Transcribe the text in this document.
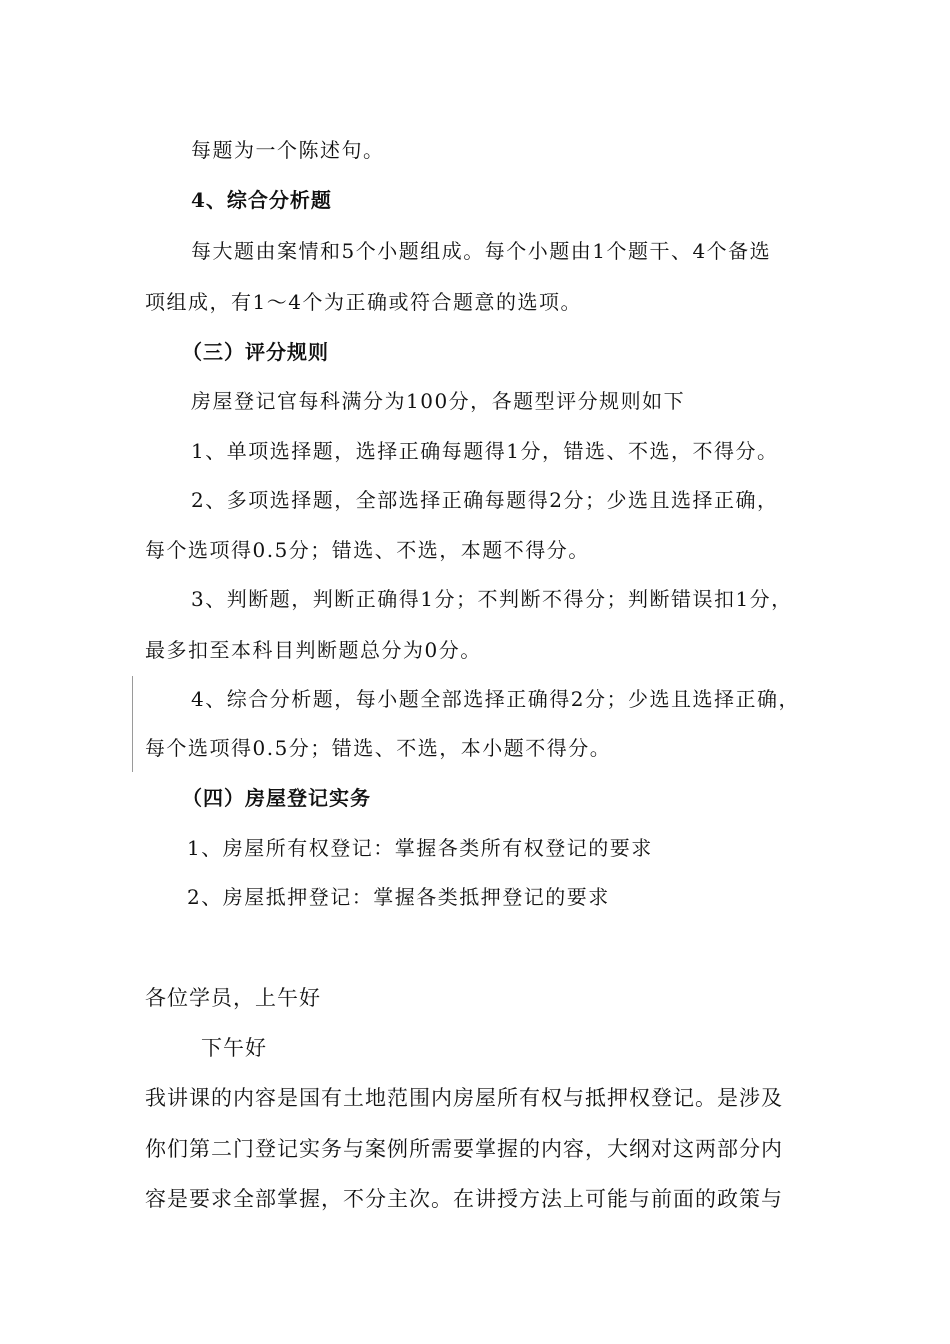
每题为一个陈述句。
4、综合分析题
每大题由案情和5个小题组成。每个小题由1个题干、4个备选
项组成，有1～4个为正确或符合题意的选项。
（三）评分规则
房屋登记官每科满分为100分，各题型评分规则如下
1、单项选择题，选择正确每题得1分，错选、不选，不得分。
2、多项选择题，全部选择正确每题得2分；少选且选择正确，
每个选项得0.5分；错选、不选，本题不得分。
3、判断题，判断正确得1分；不判断不得分；判断错误扣1分，
最多扣至本科目判断题总分为0分。
4、综合分析题，每小题全部选择正确得2分；少选且选择正确，
每个选项得0.5分；错选、不选，本小题不得分。
（四）房屋登记实务
1、房屋所有权登记：掌握各类所有权登记的要求
2、房屋抵押登记：掌握各类抵押登记的要求
各位学员，上午好
下午好
我讲课的内容是国有土地范围内房屋所有权与抵押权登记。是涉及
你们第二门登记实务与案例所需要掌握的内容，大纲对这两部分内
容是要求全部掌握，不分主次。在讲授方法上可能与前面的政策与
